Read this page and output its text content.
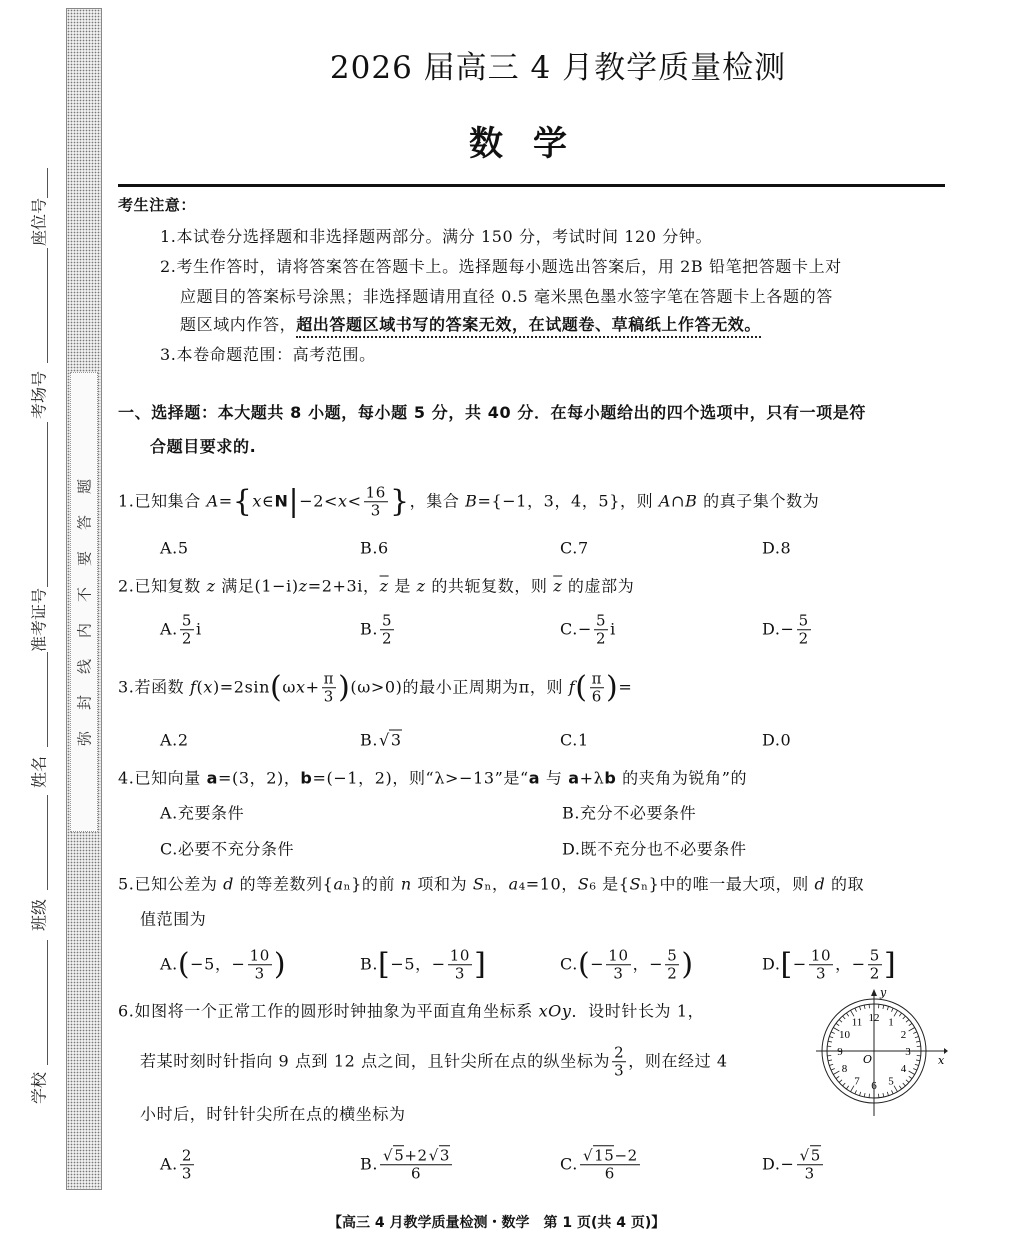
弥封线内不要答题
座位号
考场号
准考证号
姓名
班级
学校
2026 届高三 4 月教学质量检测
数学
考生注意：
1.本试卷分选择题和非选择题两部分。满分 150 分，考试时间 120 分钟。
2.考生作答时，请将答案答在答题卡上。选择题每小题选出答案后，用 2B 铅笔把答题卡上对
应题目的答案标号涂黑；非选择题请用直径 0.5 毫米黑色墨水签字笔在答题卡上各题的答
题区域内作答，超出答题区域书写的答案无效，在试题卷、草稿纸上作答无效。
3.本卷命题范围：高考范围。
一、选择题：本大题共 8 小题，每小题 5 分，共 40 分．在每小题给出的四个选项中，只有一项是符
合题目要求的.
12 1
2
3
4
5
6
7
8
9
10
11
y
x
O
【高三 4 月教学质量检测・数学　第 1 页(共 4 页)】
1.已知集合 A={x∈N|−2<x< $\frac{16}{3}$ }，集合 B={−1，3，4，5}，则 A∩B 的真子集个数为
A.5	B.6	C.7	D.8
2.已知复数 z 满足(1−i)z=2+3i，$\overline{z}$ 是 z 的共轭复数，则 $\overline{z}$ 的虚部为
A. $\frac{5}{2}$ i	B. $\frac{5}{2}$	$C.- \frac{5}{2}$ i	$D.- \frac{5}{2}$
3.若函数 $f(x)=2\sin(\omega x+ \frac{\pi}{3} )(\omega>0)$的最小正周期为π，则 $f( \frac{\pi}{6}$ )=
A.2	B. √ 3	C.1	D.0
4.已知向量 a=(3，2)，b=(−1，2)，则“λ>−13”是“a 与 a+λb 的夹角为锐角”的
A.充要条件	B.充分不必要条件
C.必要不充分条件	D.既不充分也不必要条件
5.已知公差为 d 的等差数列{aₙ}的前 n 项和为 Sₙ，a₄=10，S₆ 是{Sₙ}中的唯一最大项，则 d 的取
值范围为
A.(−5，− $\frac{10}{3}$ )	B.[−5，− $\frac{10}{3}$ ]	$C.(- \frac{10}{3}$ ，− $\frac{5}{2}$ )	$D.[- \frac{10}{3}$ ，− $\frac{5}{2}$ ]
6.如图将一个正常工作的圆形时钟抽象为平面直角坐标系 xOy．设时针长为 1，
若某时刻时针指向 9 点到 12 点之间，且针尖所在点的纵坐标为 $\frac{2}{3}$ ，则在经过 4
小时后，时针针尖所在点的横坐标为
A. $\frac{2}{3}$	B. √ $\frac{5+2 √ 3}{6}$	C. √ $\frac{15-2}{6}$	D.− √ $\frac{5}{3}$
